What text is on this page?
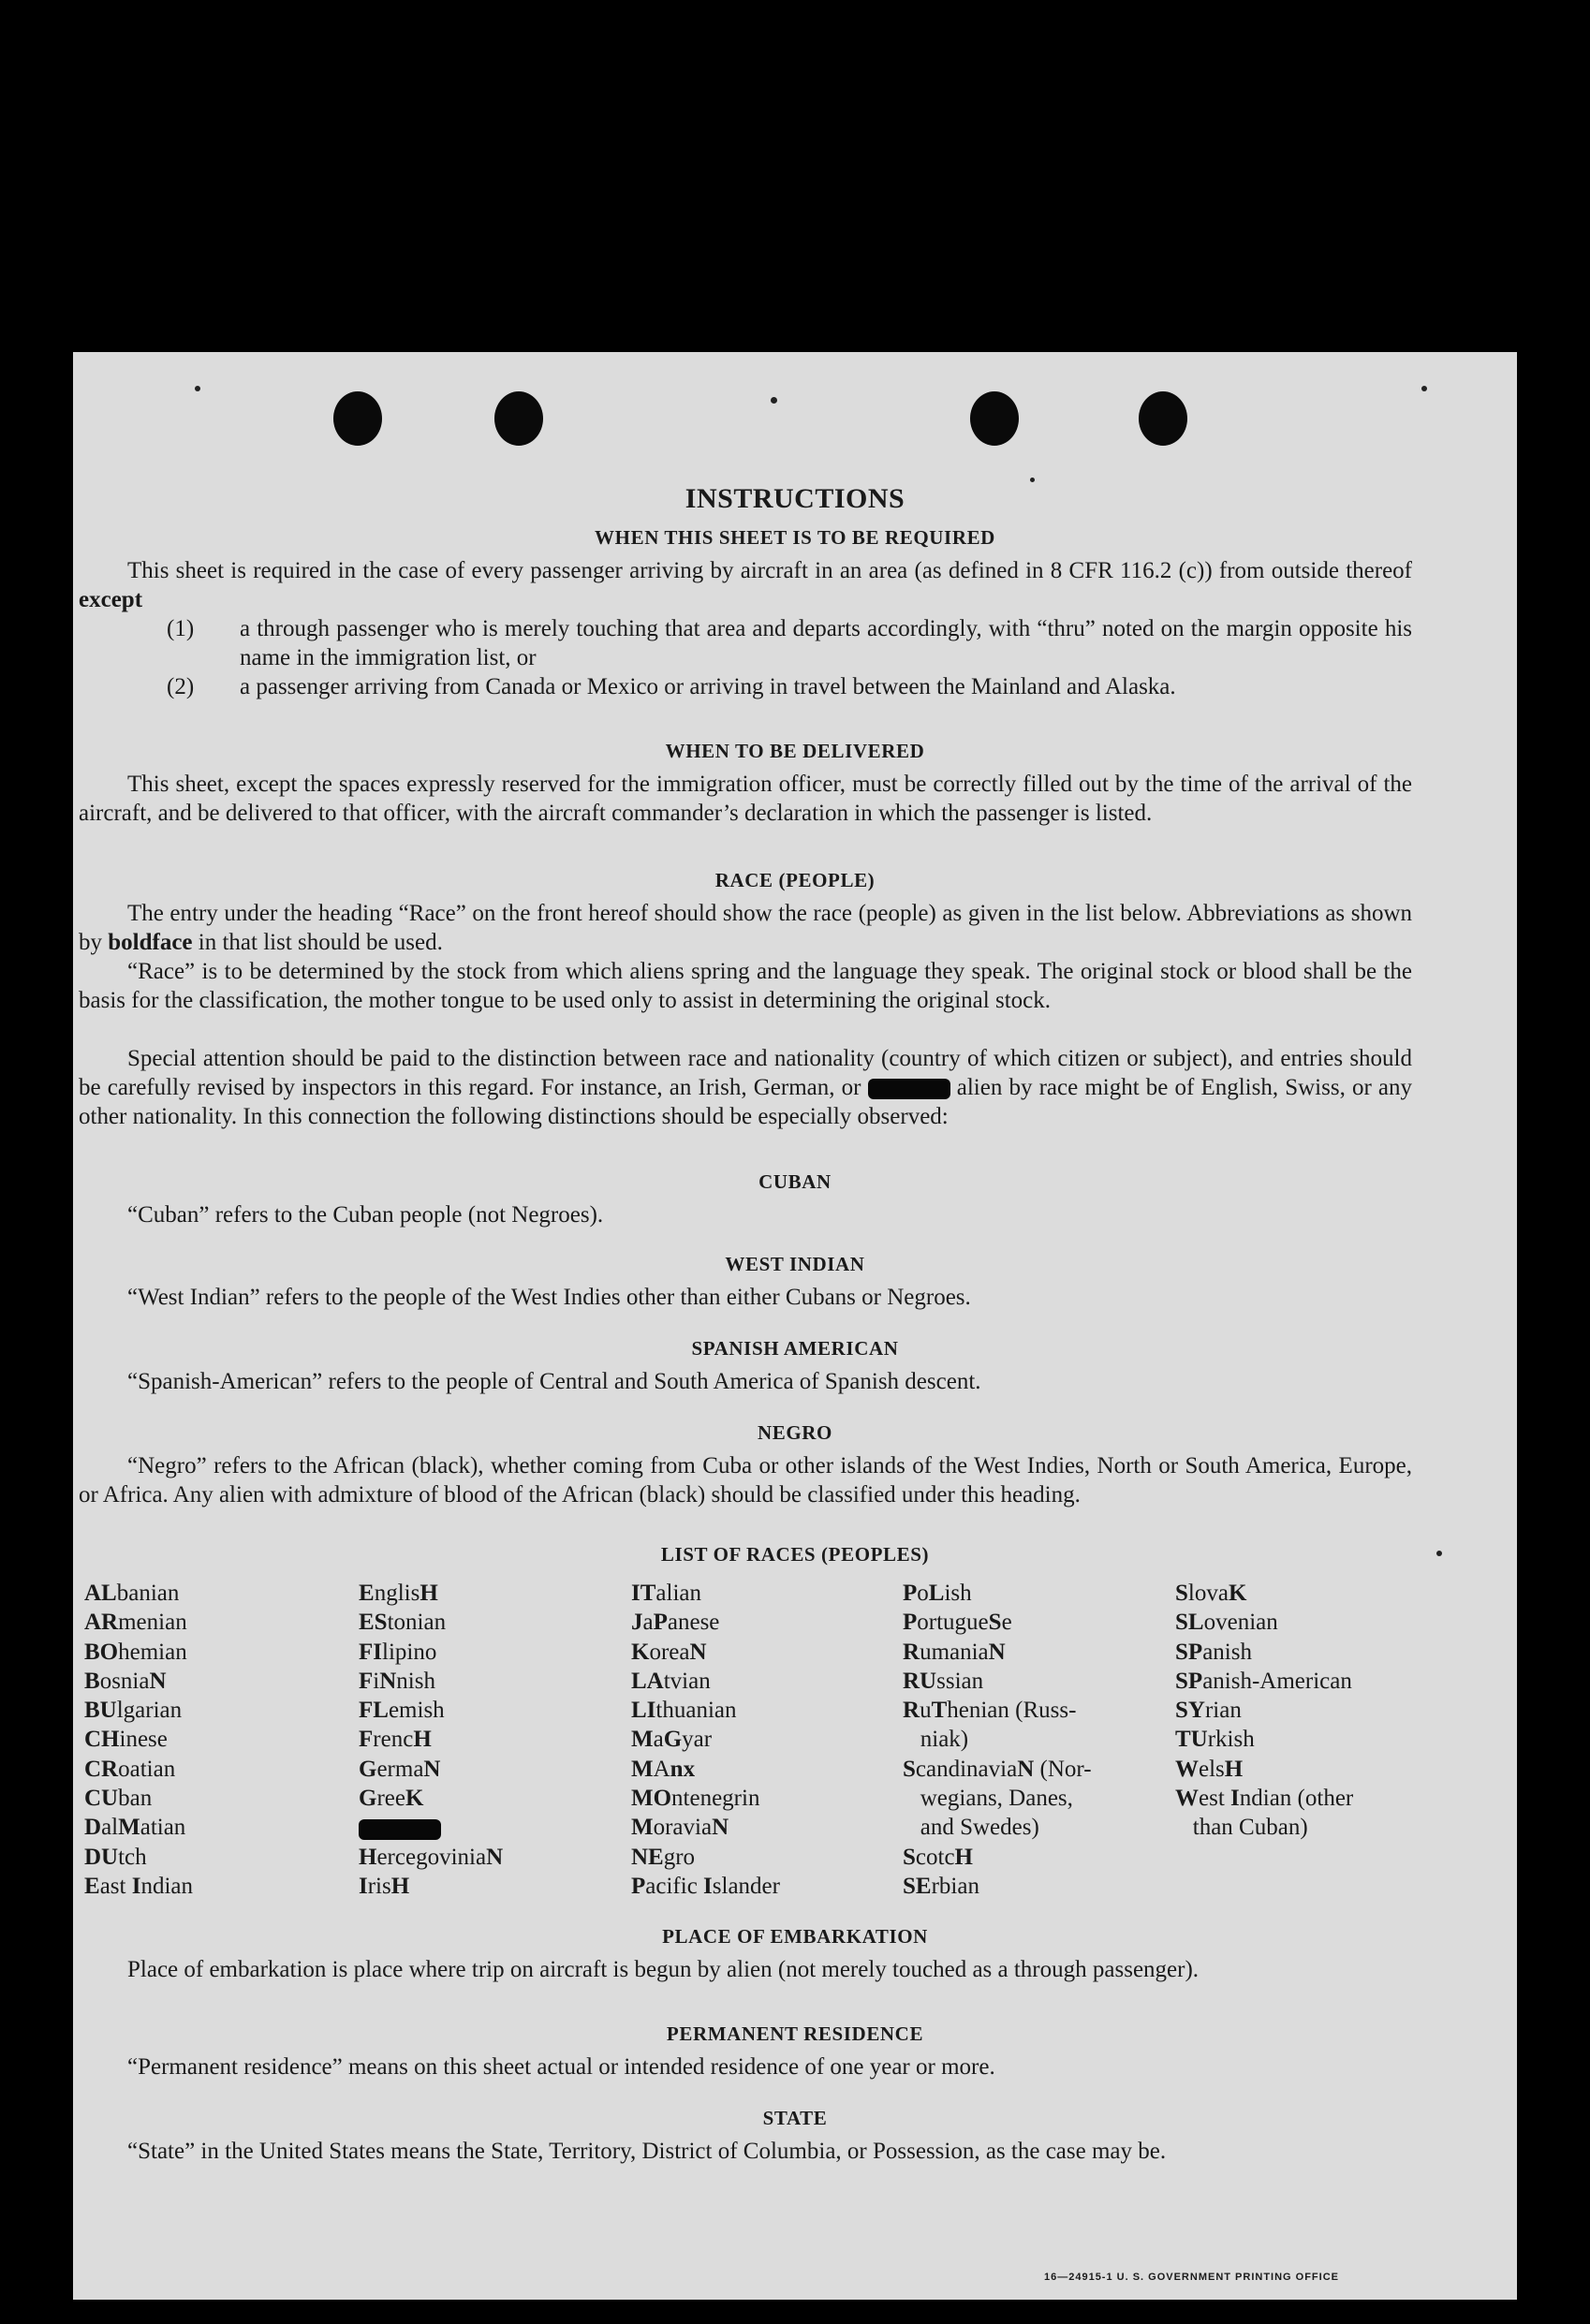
INSTRUCTIONS
WHEN THIS SHEET IS TO BE REQUIRED
This sheet is required in the case of every passenger arriving by aircraft in an area (as defined in 8 CFR 116.2 (c)) from outside thereof except
(1) a through passenger who is merely touching that area and departs accordingly, with “thru” noted on the margin opposite his name in the immigration list, or
(2) a passenger arriving from Canada or Mexico or arriving in travel between the Mainland and Alaska.
WHEN TO BE DELIVERED
This sheet, except the spaces expressly reserved for the immigration officer, must be correctly filled out by the time of the arrival of the aircraft, and be delivered to that officer, with the aircraft commander’s declaration in which the passenger is listed.
RACE (PEOPLE)
The entry under the heading “Race” on the front hereof should show the race (people) as given in the list below. Abbreviations as shown by boldface in that list should be used.
“Race” is to be determined by the stock from which aliens spring and the language they speak. The original stock or blood shall be the basis for the classification, the mother tongue to be used only to assist in determining the original stock.
Special attention should be paid to the distinction between race and nationality (country of which citizen or subject), and entries should be carefully revised by inspectors in this regard. For instance, an Irish, German, or	alien by race might be of English, Swiss, or any other nationality. In this connection the following distinctions should be especially observed:
CUBAN
“Cuban” refers to the Cuban people (not Negroes).
WEST INDIAN
“West Indian” refers to the people of the West Indies other than either Cubans or Negroes.
SPANISH AMERICAN
“Spanish-American” refers to the people of Central and South America of Spanish descent.
NEGRO
“Negro” refers to the African (black), whether coming from Cuba or other islands of the West Indies, North or South America, Europe, or Africa. Any alien with admixture of blood of the African (black) should be classified under this heading.
LIST OF RACES (PEOPLES)
ALbanian
ARmenian
BOhemian
BosniaN
BUlgarian
CHinese
CRoatian
CUban
DalMatian
DUtch
East Indian
EnglisH
EStonian
FIlipino
FiNnish
FLemish
FrencH
GermaN
GreeK
HercegoviniaN
IrisH
ITalian
JaPanese
KoreaN
LAtvian
LIthuanian
MaGyar
MAnx
MOntenegrin
MoraviaN
NEgro
Pacific Islander
PoLish
PortugueSe
RumaniaN
RUssian
RuThenian (Russ-
niak)
ScandinaviaN (Nor-
wegians, Danes,
and Swedes)
ScotcH
SErbian
SlovaK
SLovenian
SPanish
SPanish-American
SYrian
TUrkish
WelsH
West Indian (other
than Cuban)
PLACE OF EMBARKATION
Place of embarkation is place where trip on aircraft is begun by alien (not merely touched as a through passenger).
PERMANENT RESIDENCE
“Permanent residence” means on this sheet actual or intended residence of one year or more.
STATE
“State” in the United States means the State, Territory, District of Columbia, or Possession, as the case may be.
16—24915-1 U. S. GOVERNMENT PRINTING OFFICE
